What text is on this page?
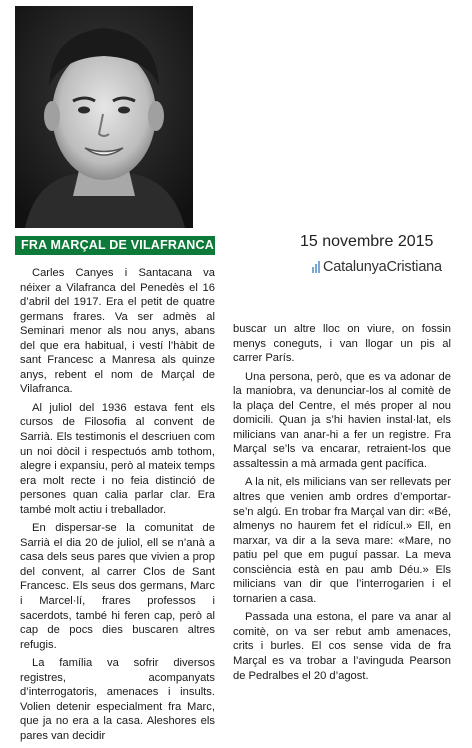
FRA MARÇAL DE VILAFRANCA	15 novembre 2015
CatalunyaCristiana

Carles Canyes i Santacana va néixer a Vilafranca del Penedès el 16 d’abril del 1917. Era el petit de quatre germans frares. Va ser admès al Seminari menor als nou anys, abans del que era habitual, i vestí l’hàbit de sant Francesc a Manresa als quinze anys, rebent el nom de Marçal de Vilafranca.

Al juliol del 1936 estava fent els cursos de Filosofia al convent de Sarrià. Els testimonis el descriuen com un noi dòcil i respectuós amb tothom, alegre i expansiu, però al mateix temps era molt recte i no feia distinció de persones quan calia parlar clar. Era també molt actiu i treballador.

En dispersar-se la comunitat de Sarrià el dia 20 de juliol, ell se n’anà a casa dels seus pares que vivien a prop del convent, al carrer Clos de Sant Francesc. Els seus dos germans, Marc i Marcel·lí, frares professos i sacerdots, també hi feren cap, però al cap de pocs dies buscaren altres refugis.

La família va sofrir diversos registres, acompanyats d’interrogatoris, amenaces i insults. Volien detenir especialment fra Marc, que ja no era a la casa. Aleshores els pares van decidir

buscar un altre lloc on viure, on fossin menys coneguts, i van llogar un pis al carrer París.

Una persona, però, que es va adonar de la maniobra, va denunciar-los al comitè de la plaça del Centre, el més proper al nou domicili. Quan ja s’hi havien instal·lat, els milicians van anar-hi a fer un registre. Fra Marçal se’ls va encarar, retraient-los que assaltessin a mà armada gent pacífica.

A la nit, els milicians van ser rellevats per altres que venien amb ordres d’emportar-se’n algú. En trobar fra Marçal van dir: «Bé, almenys no haurem fet el ridícul.» Ell, en marxar, va dir a la seva mare: «Mare, no patiu pel que em puguí passar. La meva consciència està en pau amb Déu.» Els milicians van dir que l’interrogarien i el tornarien a casa.

Passada una estona, el pare va anar al comitè, on va ser rebut amb amenaces, crits i burles. El cos sense vida de fra Marçal es va trobar a l’avinguda Pearson de Pedralbes el 20 d’agost.
